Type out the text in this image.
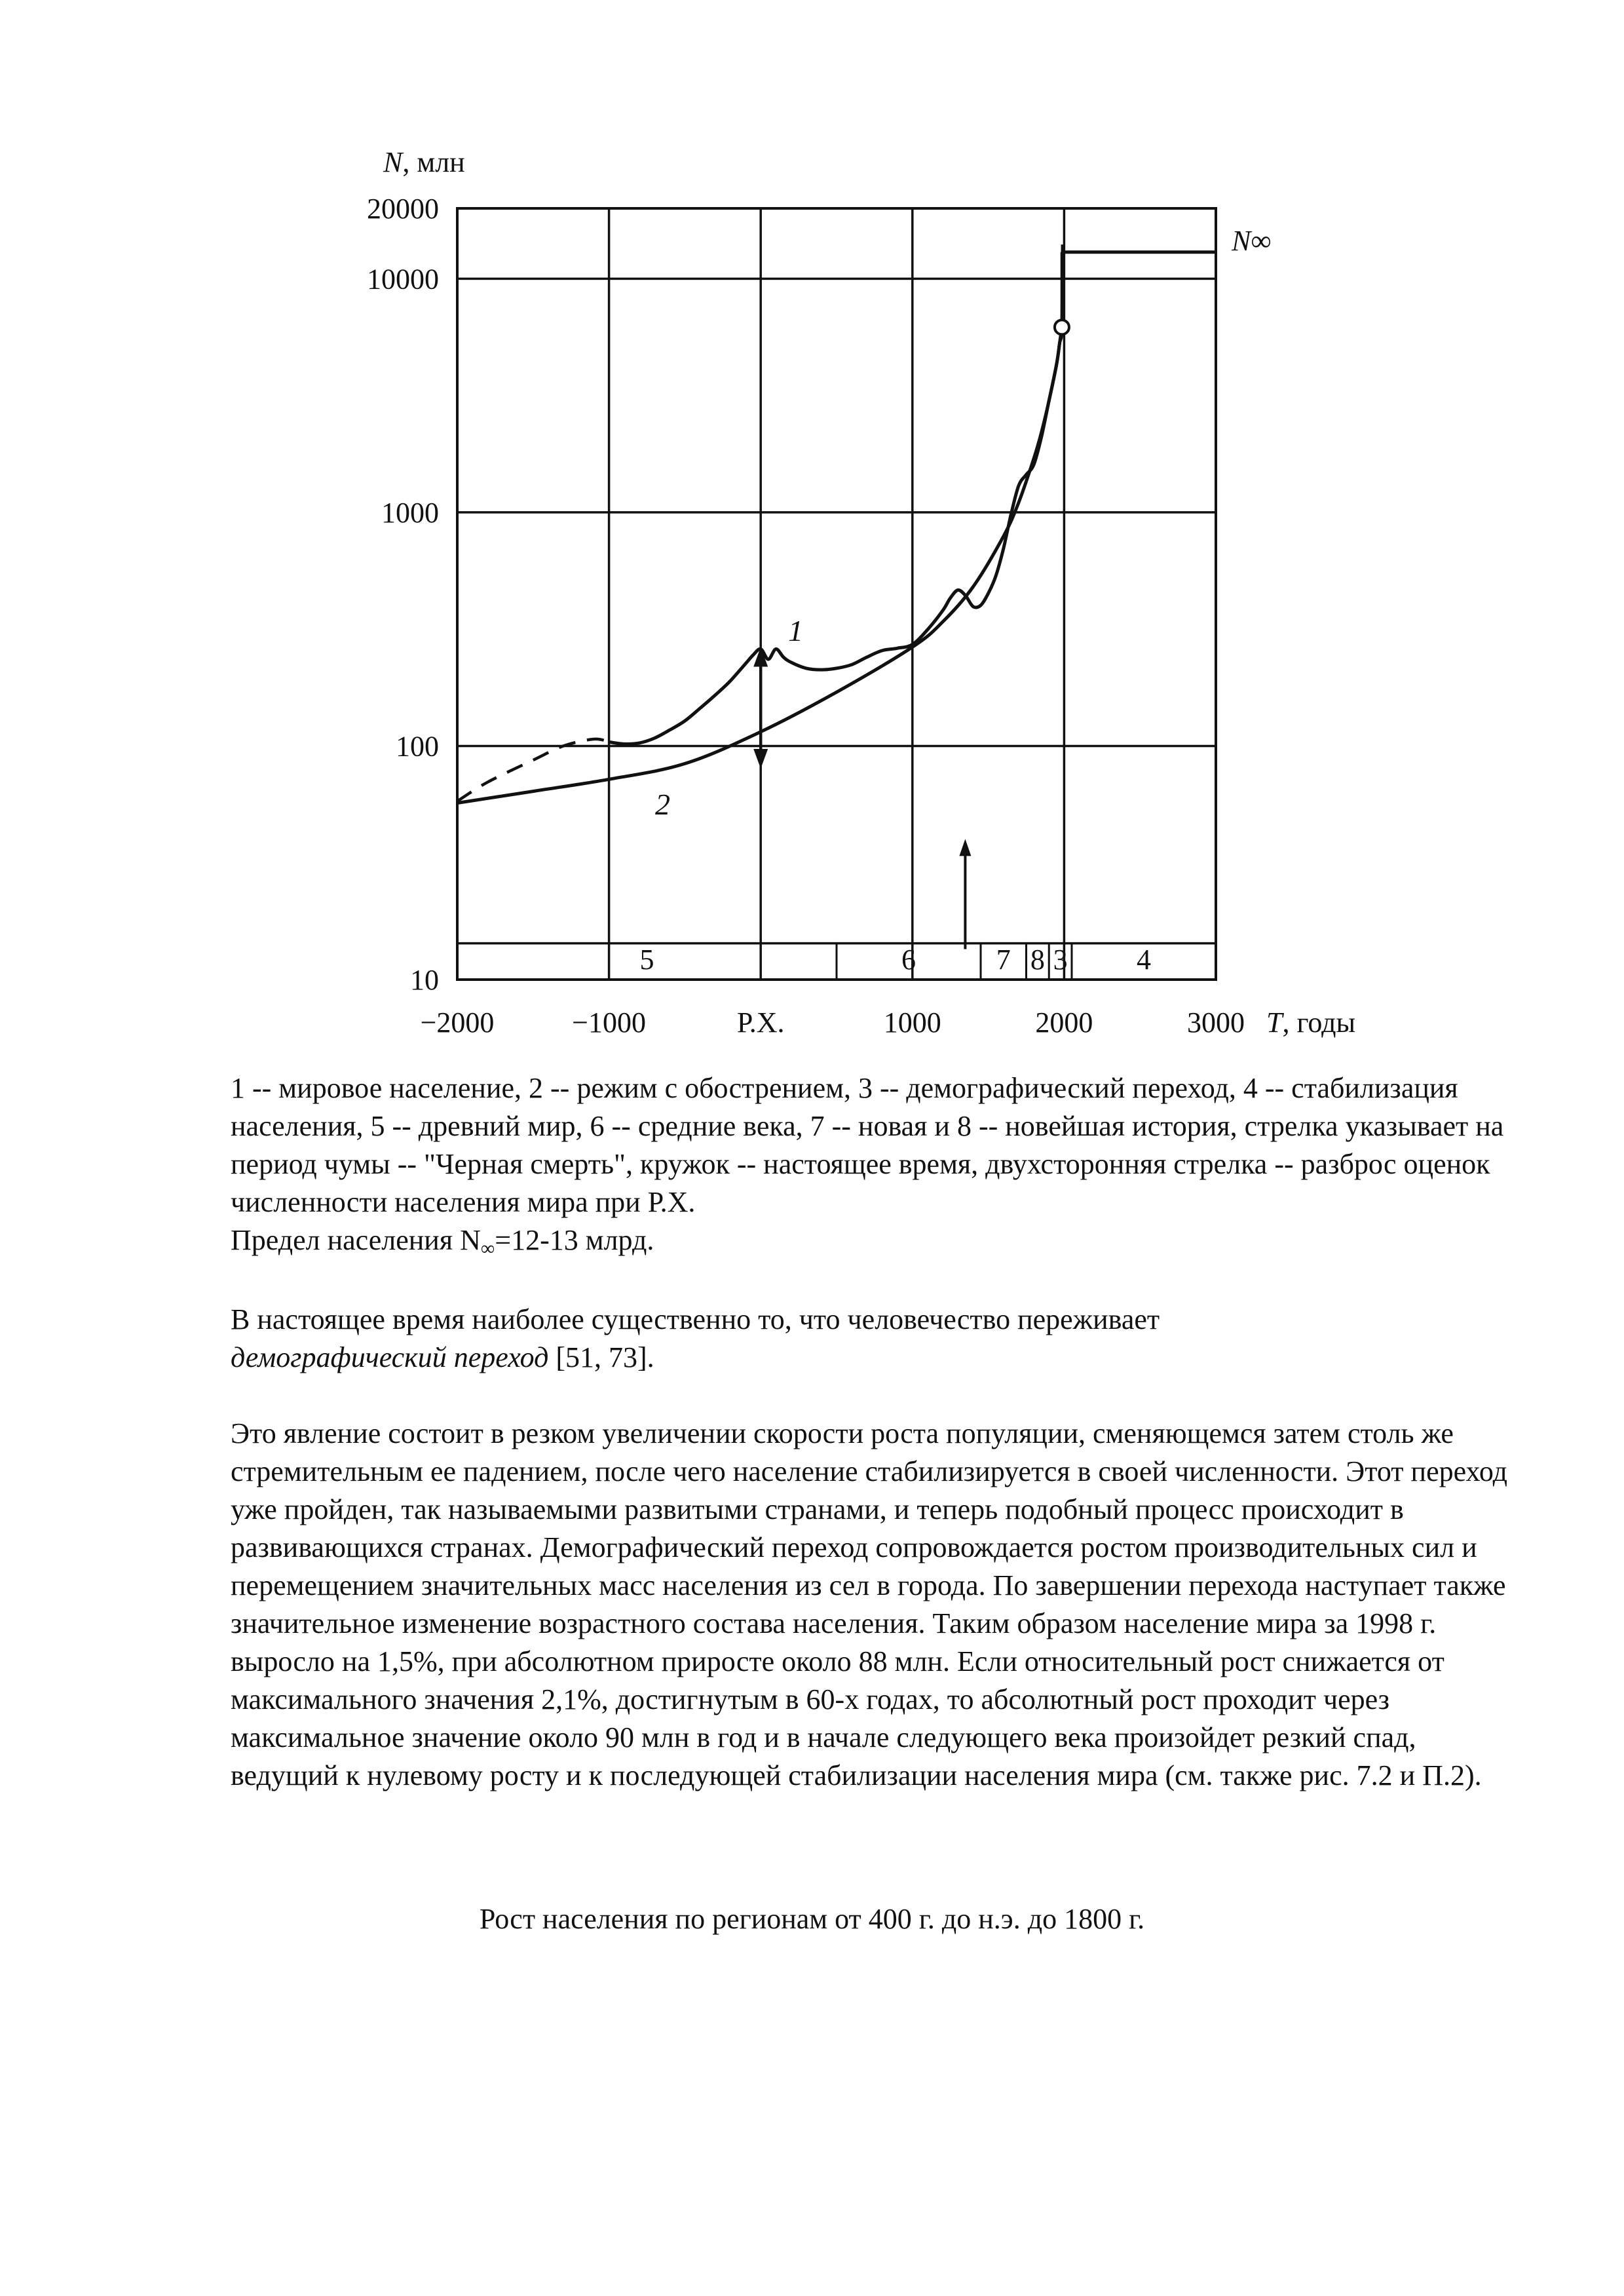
5	6	7 8 3 4
−2000	−1000	Р.Х.	1000	2000	3000
10
100
1000
10000
20000
N, млн
T, годы
N∞
1
2

1 -- мировое население, 2 -- режим с обострением, 3 -- демографический переход, 4 -- стабилизация населения, 5 -- древний мир, 6 -- средние века, 7 -- новая и 8 -- новейшая история, стрелка указывает на период чумы -- "Черная смерть", кружок -- настоящее время, двухсторонняя стрелка -- разброс оценок численности населения мира при Р.Х.
Предел населения N∞=12-13 млрд.

В настоящее время наиболее существенно то, что человечество переживает
демографический переход [51, 73].

Это явление состоит в резком увеличении скорости роста популяции, сменяющемся затем столь же стремительным ее падением, после чего население стабилизируется в своей численности. Этот переход уже пройден, так называемыми развитыми странами, и теперь подобный процесс происходит в развивающихся странах. Демографический переход сопровождается ростом производительных сил и перемещением значительных масс населения из сел в города. По завершении перехода наступает также значительное изменение возрастного состава населения. Таким образом население мира за 1998 г. выросло на 1,5%, при абсолютном приросте около 88 млн. Если относительный рост снижается от максимального значения 2,1%, достигнутым в 60-х годах, то абсолютный рост проходит через максимальное значение около 90 млн в год и в начале следующего века произойдет резкий спад, ведущий к нулевому росту и к последующей стабилизации населения мира (см. также рис. 7.2 и П.2).

Рост населения по регионам от 400 г. до н.э. до 1800 г.
